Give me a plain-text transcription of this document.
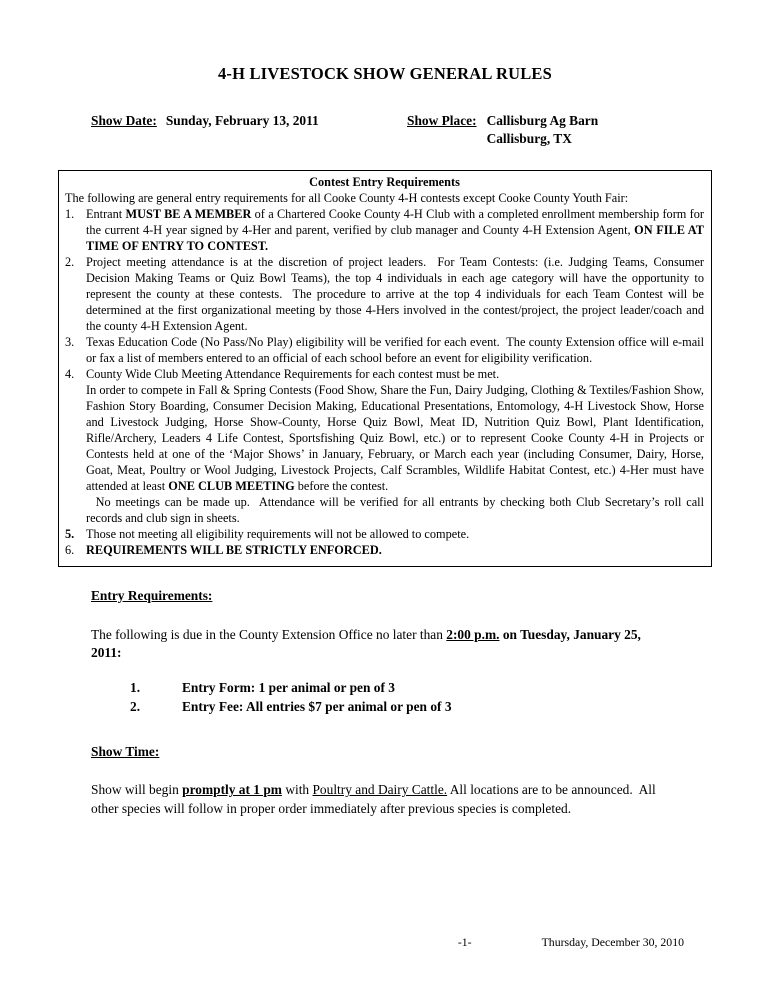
4-H LIVESTOCK SHOW GENERAL RULES
Show Date: Sunday, February 13, 2011	Show Place: Callisburg Ag Barn
Callisburg, TX
Contest Entry Requirements
The following are general entry requirements for all Cooke County 4-H contests except Cooke County Youth Fair:
1. Entrant MUST BE A MEMBER of a Chartered Cooke County 4-H Club with a completed enrollment membership form for the current 4-H year signed by 4-Her and parent, verified by club manager and County 4-H Extension Agent, ON FILE AT TIME OF ENTRY TO CONTEST.
2. Project meeting attendance is at the discretion of project leaders.  For Team Contests: (i.e. Judging Teams, Consumer Decision Making Teams or Quiz Bowl Teams), the top 4 individuals in each age category will have the opportunity to represent the county at these contests.  The procedure to arrive at the top 4 individuals for each Team Contest will be determined at the first organizational meeting by those 4-Hers involved in the contest/project, the project leader/coach and the county 4-H Extension Agent.
3. Texas Education Code (No Pass/No Play) eligibility will be verified for each event.  The county Extension office will e-mail or fax a list of members entered to an official of each school before an event for eligibility verification.
4. County Wide Club Meeting Attendance Requirements for each contest must be met.
In order to compete in Fall & Spring Contests (Food Show, Share the Fun, Dairy Judging, Clothing & Textiles/Fashion Show, Fashion Story Boarding, Consumer Decision Making, Educational Presentations, Entomology, 4-H Livestock Show, Horse and Livestock Judging, Horse Show-County, Horse Quiz Bowl, Meat ID, Nutrition Quiz Bowl, Plant Identification, Rifle/Archery, Leaders 4 Life Contest, Sportsfishing Quiz Bowl, etc.) or to represent Cooke County 4-H in Projects or Contests held at one of the ‘Major Shows’ in January, February, or March each year (including Consumer, Dairy, Horse, Goat, Meat, Poultry or Wool Judging, Livestock Projects, Calf Scrambles, Wildlife Habitat Contest, etc.) 4-Her must have attended at least ONE CLUB MEETING before the contest.
No meetings can be made up.  Attendance will be verified for all entrants by checking both Club Secretary’s roll call records and club sign in sheets.
5. Those not meeting all eligibility requirements will not be allowed to compete.
6. REQUIREMENTS WILL BE STRICTLY ENFORCED.
Entry Requirements:
The following is due in the County Extension Office no later than 2:00 p.m. on Tuesday, January 25, 2011:
1.	Entry Form: 1 per animal or pen of 3
2.	Entry Fee: All entries $7 per animal or pen of 3
Show Time:
Show will begin promptly at 1 pm with Poultry and Dairy Cattle. All locations are to be announced.  All other species will follow in proper order immediately after previous species is completed.
-1-	Thursday, December 30, 2010
